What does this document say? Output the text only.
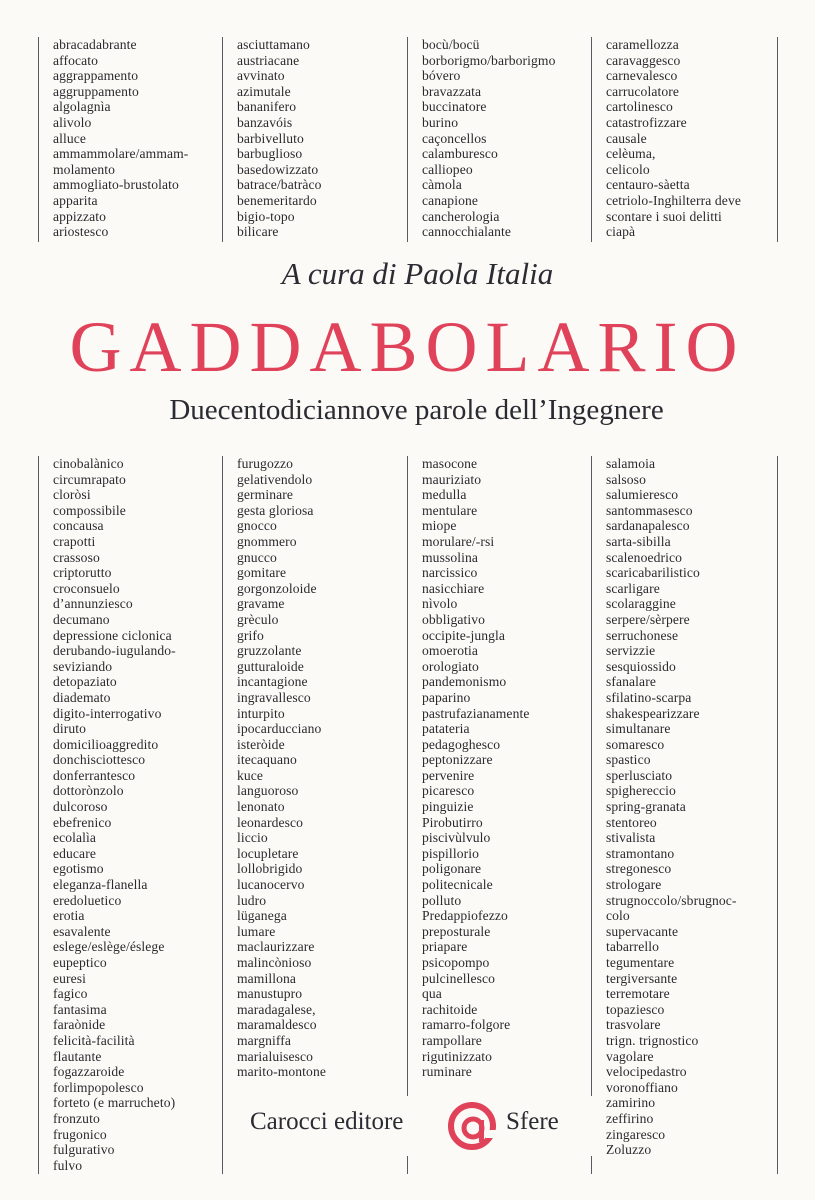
abracadabrante
affocato
aggrappamento
aggruppamento
algolagnìa
alivolo
alluce
ammammolare/ammam-
molamento
ammogliato-brustolato
apparita
appizzato
ariostesco
asciuttamano
austriacane
avvinato
azimutale
bananifero
banzavóis
barbivelluto
barbuglioso
basedowizzato
batrace/batràco
benemeritardo
bigio-topo
bilicare
bocù/bocü
borborigmo/barborigmo
bóvero
bravazzata
buccinatore
burino
caçoncellos
calamburesco
calliopeo
càmola
canapione
cancherologia
cannocchialante
caramellozza
caravaggesco
carnevalesco
carrucolatore
cartolinesco
catastrofizzare
causale
celèuma,
celicolo
centauro-sàetta
cetriolo-Inghilterra deve
scontare i suoi delitti
ciapà
A cura di Paola Italia
GADDABOLARIO
Duecentodiciannove parole dell’Ingegnere
cinobalànico
circumrapato
cloròsi
compossibile
concausa
crapotti
crassoso
criptorutto
croconsuelo
d’annunziesco
decumano
depressione ciclonica
derubando-iugulando-
seviziando
detopaziato
diademato
digito-interrogativo
diruto
domicilioaggredito
donchisciottesco
donferrantesco
dottorònzolo
dulcoroso
ebefrenico
ecolalìa
educare
egotismo
eleganza-flanella
eredoluetico
erotia
esavalente
eslege/eslège/éslege
eupeptico
euresi
fagico
fantasima
faraònide
felicità-facilità
flautante
fogazzaroide
forlimpopolesco
forteto (e marrucheto)
fronzuto
frugonico
fulgurativo
fulvo
furugozzo
gelativendolo
germinare
gesta gloriosa
gnocco
gnommero
gnucco
gomitare
gorgonzoloide
gravame
grèculo
grifo
gruzzolante
gutturaloide
incantagione
ingravallesco
inturpito
ipocarducciano
isteròide
itecaquano
kuce
languoroso
lenonato
leonardesco
liccio
locupletare
lollobrigido
lucanocervo
ludro
lüganega
lumare
maclaurizzare
malincònioso
mamillona
manustupro
maradagalese,
maramaldesco
margniffa
marialuisesco
marito-montone
masocone
mauriziato
medulla
mentulare
miope
morulare/-rsi
mussolina
narcissico
nasicchiare
nìvolo
obbligativo
occipite-jungla
omoerotia
orologiato
pandemonismo
paparino
pastrufazianamente
patateria
pedagoghesco
peptonizzare
pervenire
picaresco
pinguizie
Pirobutirro
piscivùlvulo
pispillorio
poligonare
politecnicale
polluto
Predappiofezzo
preposturale
priapare
psicopompo
pulcinellesco
qua
rachitoide
ramarro-folgore
rampollare
rigutinizzato
ruminare
salamoia
salsoso
salumieresco
santommasesco
sardanapalesco
sarta-sibilla
scalenoedrico
scaricabarilistico
scarligare
scolaraggine
serpere/sèrpere
serruchonese
servizzie
sesquiossido
sfanalare
sfilatino-scarpa
shakespearizzare
simultanare
somaresco
spastico
sperlusciato
spighereccio
spring-granata
stentoreo
stivalista
stramontano
stregonesco
strologare
strugnoccolo/sbrugnoc-
colo
supervacante
tabarrello
tegumentare
tergiversante
terremotare
topaziesco
trasvolare
trign. trignostico
vagolare
velocipedastro
voronoffiano
zamirino
zeffirino
zingaresco
Zoluzzo
Carocci editore	Sfere
